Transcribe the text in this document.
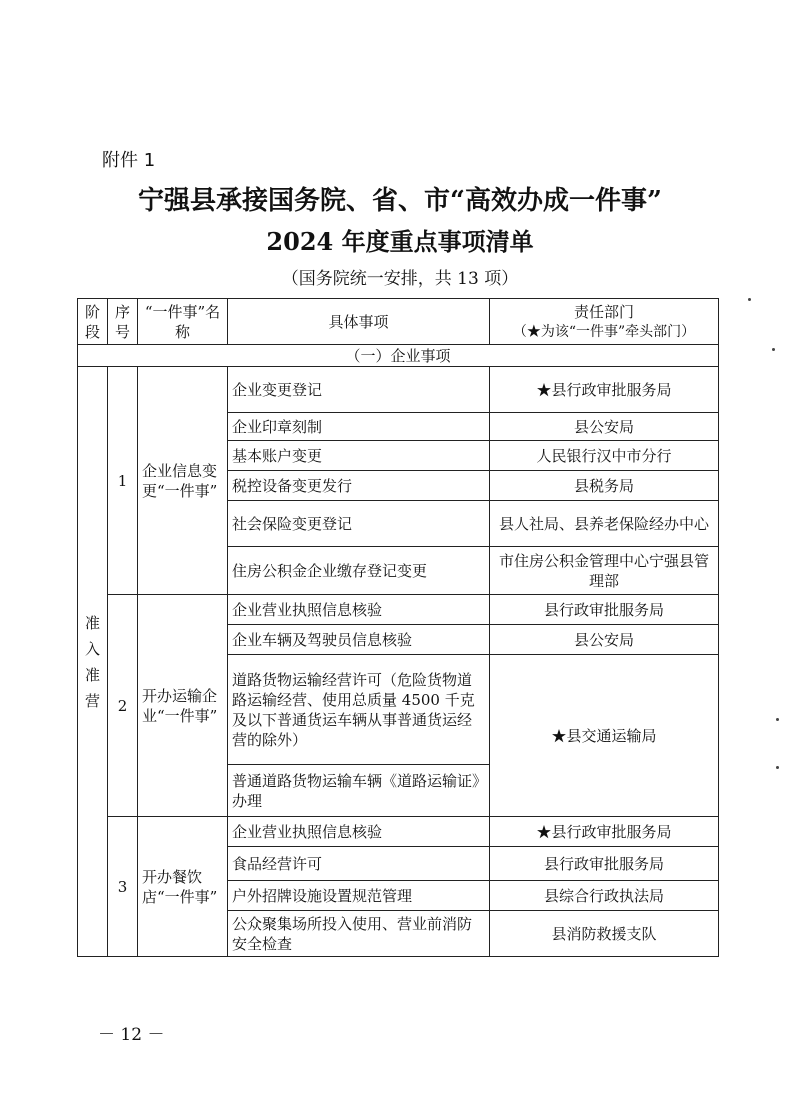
附件 1
宁强县承接国务院、省、市“高效办成一件事”
2024 年度重点事项清单
（国务院统一安排，共 13 项）
阶段	序号	“一件事”名称	具体事项	责任部门
（★为该“一件事”牵头部门）

（一）企业事项				

准入准营	1	企业信息变更“一件事”	企业变更登记	★县行政审批服务局
			企业印章刻制	县公安局
			基本账户变更	人民银行汉中市分行
			税控设备变更发行	县税务局
			社会保险变更登记	县人社局、县养老保险经办中心
			住房公积金企业缴存登记变更	市住房公积金管理中心宁强县管理部
	2	开办运输企业“一件事”	企业营业执照信息核验	县行政审批服务局
			企业车辆及驾驶员信息核验	县公安局
			道路货物运输经营许可（危险货物道路运输经营、使用总质量 4500 千克及以下普通货运车辆从事普通货运经营的除外）	★县交通运输局
			普通道路货物运输车辆《道路运输证》办理	
	3	开办餐饮店“一件事”	企业营业执照信息核验	★县行政审批服务局
			食品经营许可	县行政审批服务局
			户外招牌设施设置规范管理	县综合行政执法局
			公众聚集场所投入使用、营业前消防安全检查	县消防救援支队
－ 12 －
